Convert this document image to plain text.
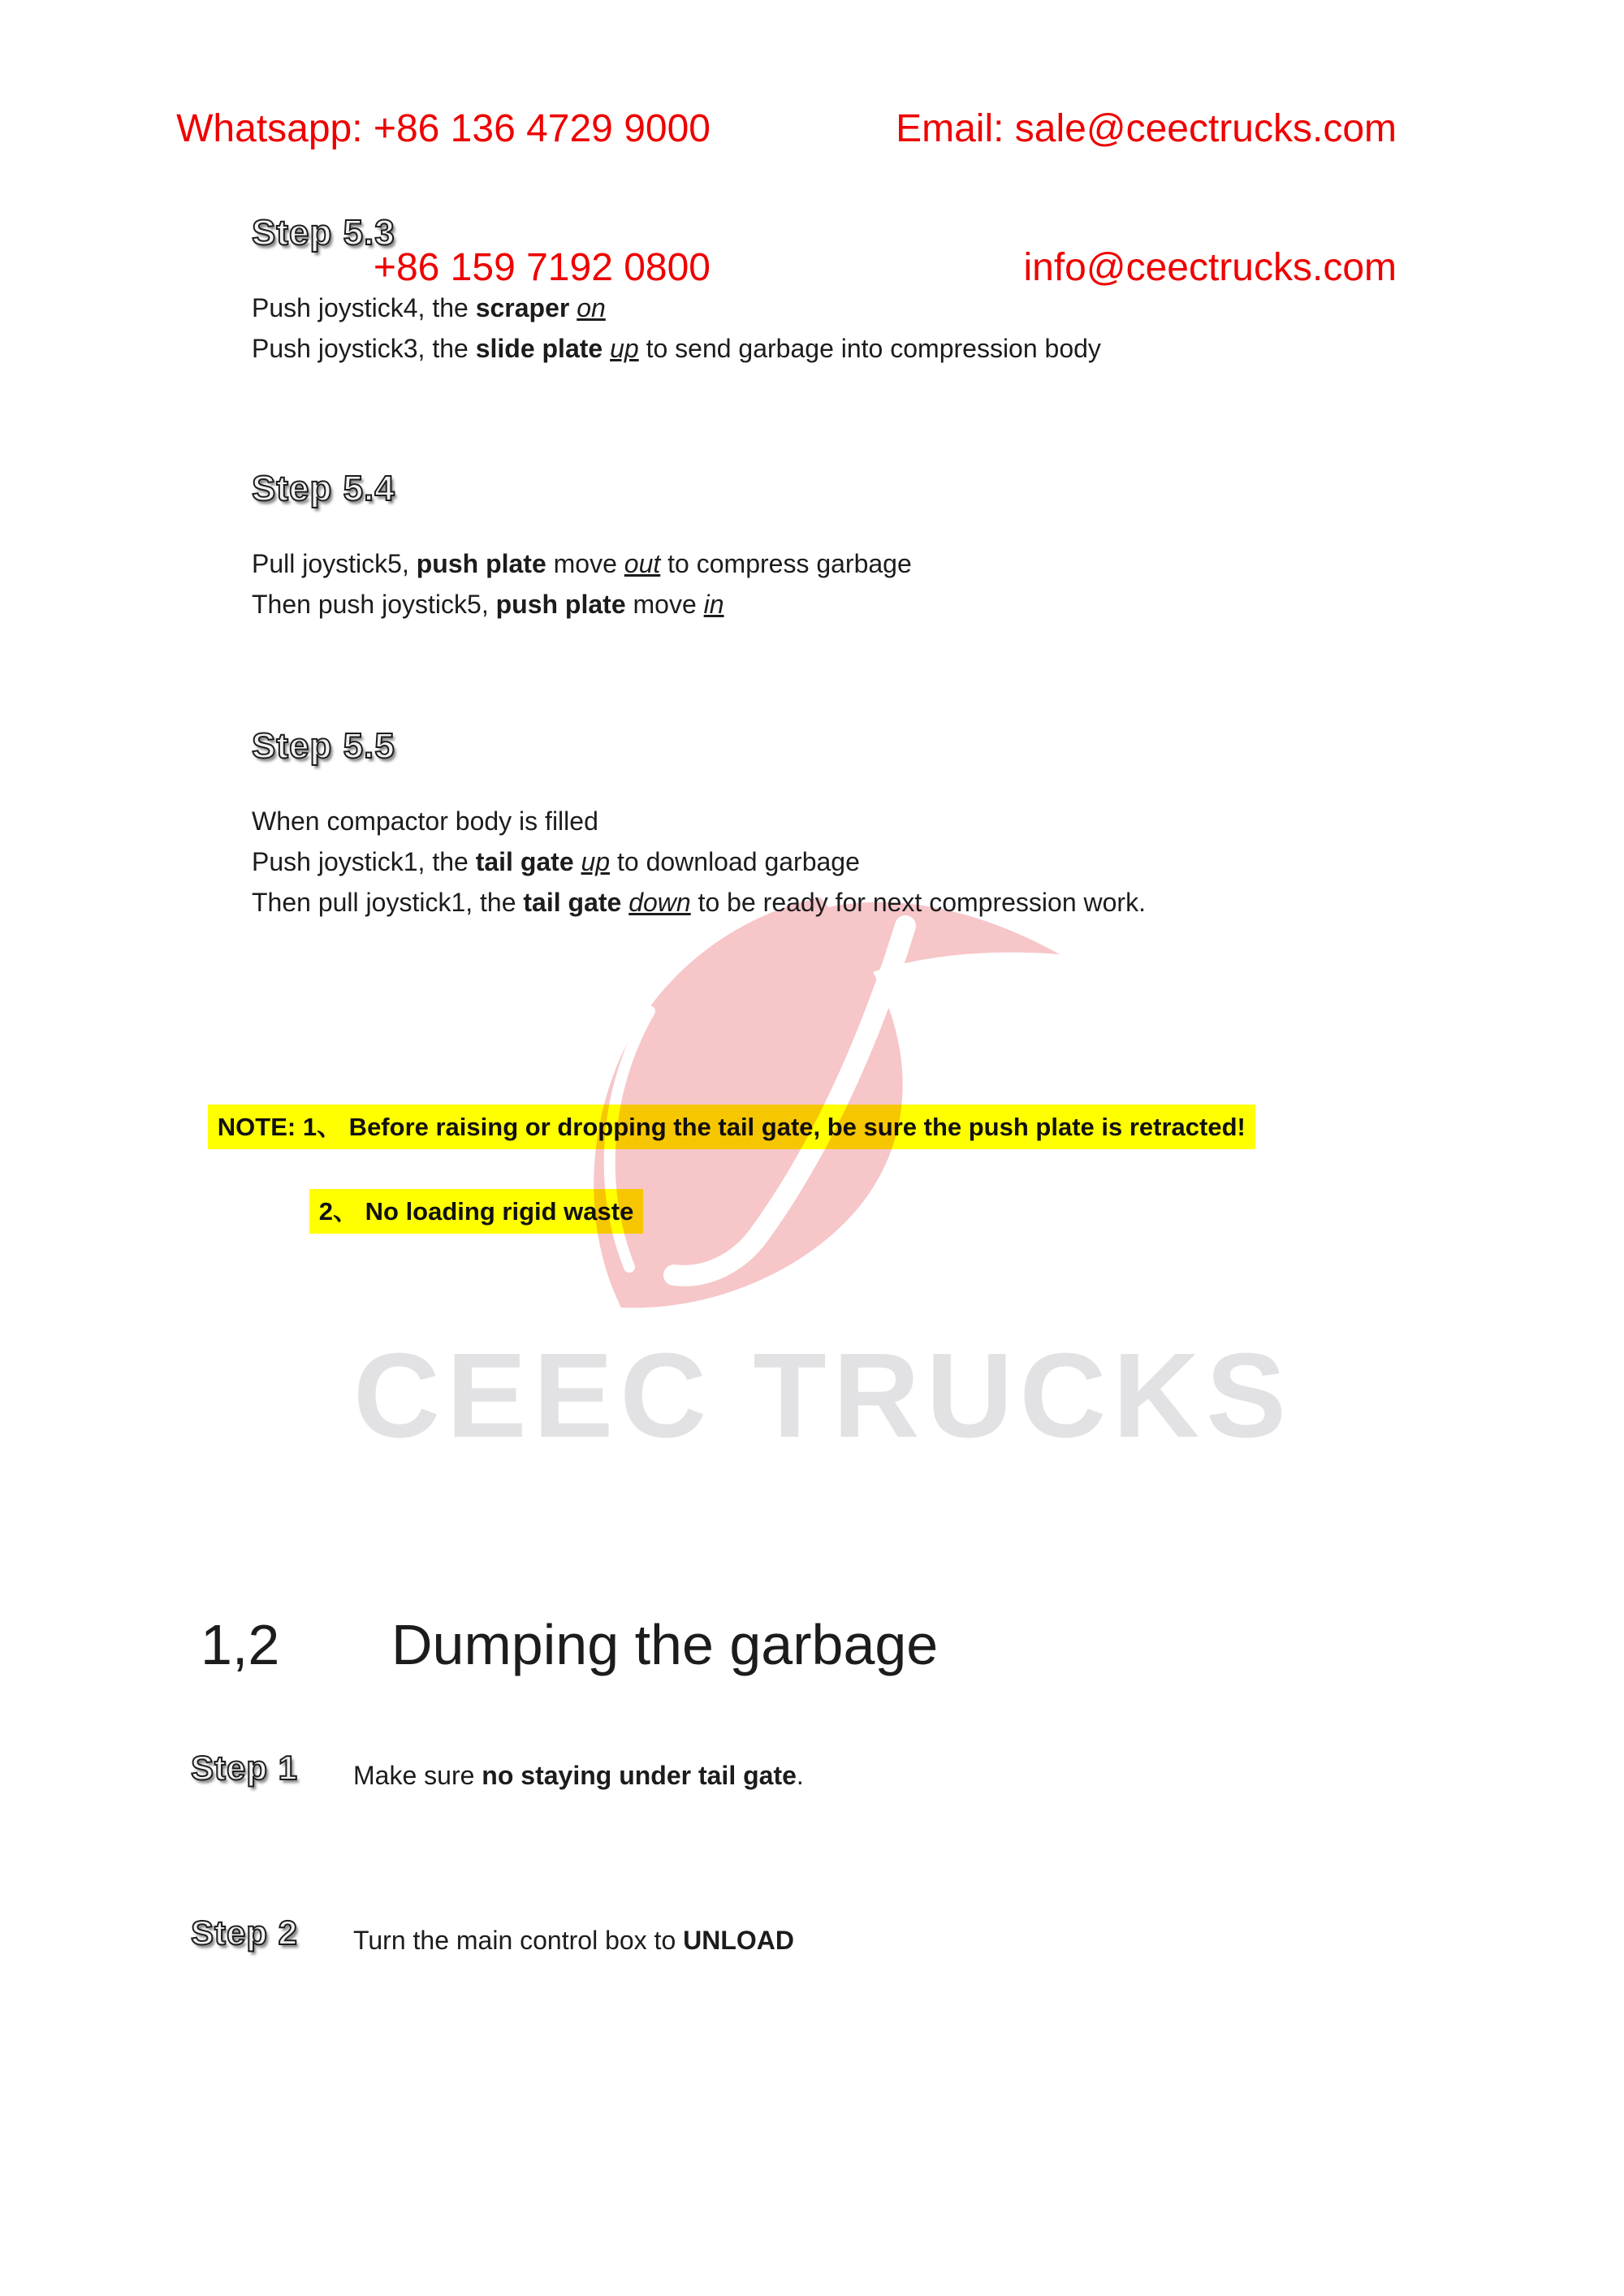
Whatsapp: +86 136 4729 9000

+86 159 7192 0800

Email: sale@ceectrucks.com

info@ceectrucks.com

Step 5.3
Push joystick4, the scraper on
Push joystick3, the slide plate up to send garbage into compression body
Step 5.4
Pull joystick5, push plate move out to compress garbage
Then push joystick5, push plate move in
Step 5.5
When compactor body is filled
Push joystick1, the tail gate up to download garbage
Then pull joystick1, the tail gate down to be ready for next compression work.

NOTE: 1、 Before raising or dropping the tail gate, be sure the push plate is retracted!

2、 No loading rigid waste

CEEC TRUCKS
1,2	Dumping the garbage
Step 1 Make sure no staying under tail gate.
Step 2 Turn the main control box to UNLOAD
